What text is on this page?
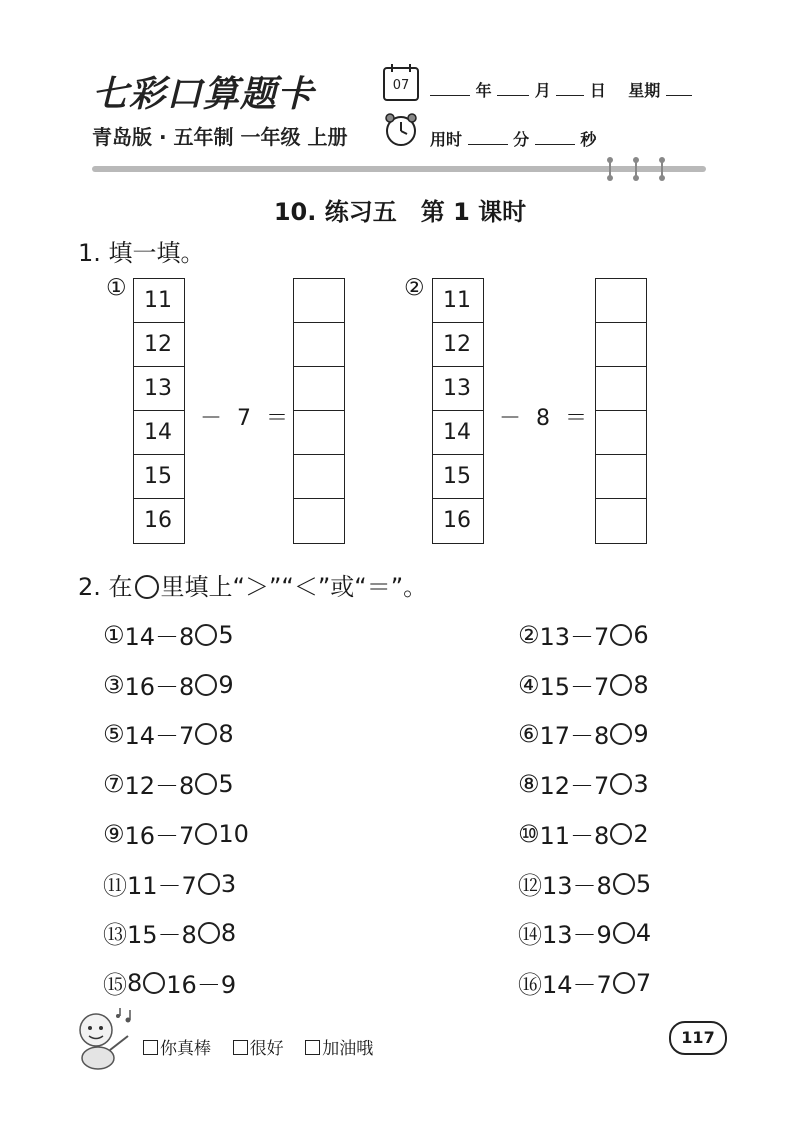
七彩口算题卡
青岛版 · 五年制 一年级 上册
07	年	月 日 星期
用时	分	秒
10. 练习五　第 1 课时
1. 填一填。
① 11
12
13
14
15
16
－ 7 ＝
② 11
12
13
14
15
16
－ 8 ＝
2. 在 里填上“＞”“＜”或“＝”。
① 14－8 5	② 13－7 6
③ 16－8 9	④ 15－7 8
⑤ 14－7 8	⑥ 17－8 9
⑦ 12－8 5	⑧ 12－7 3
⑨ 16－7 10	⑩ 11－8 2
⑪ 11－7 3	⑫ 13－8 5
⑬ 15－8 8	⑭ 13－9 4
⑮ 8 16－9	⑯ 14－7 7
你真棒 很好 加油哦
117
